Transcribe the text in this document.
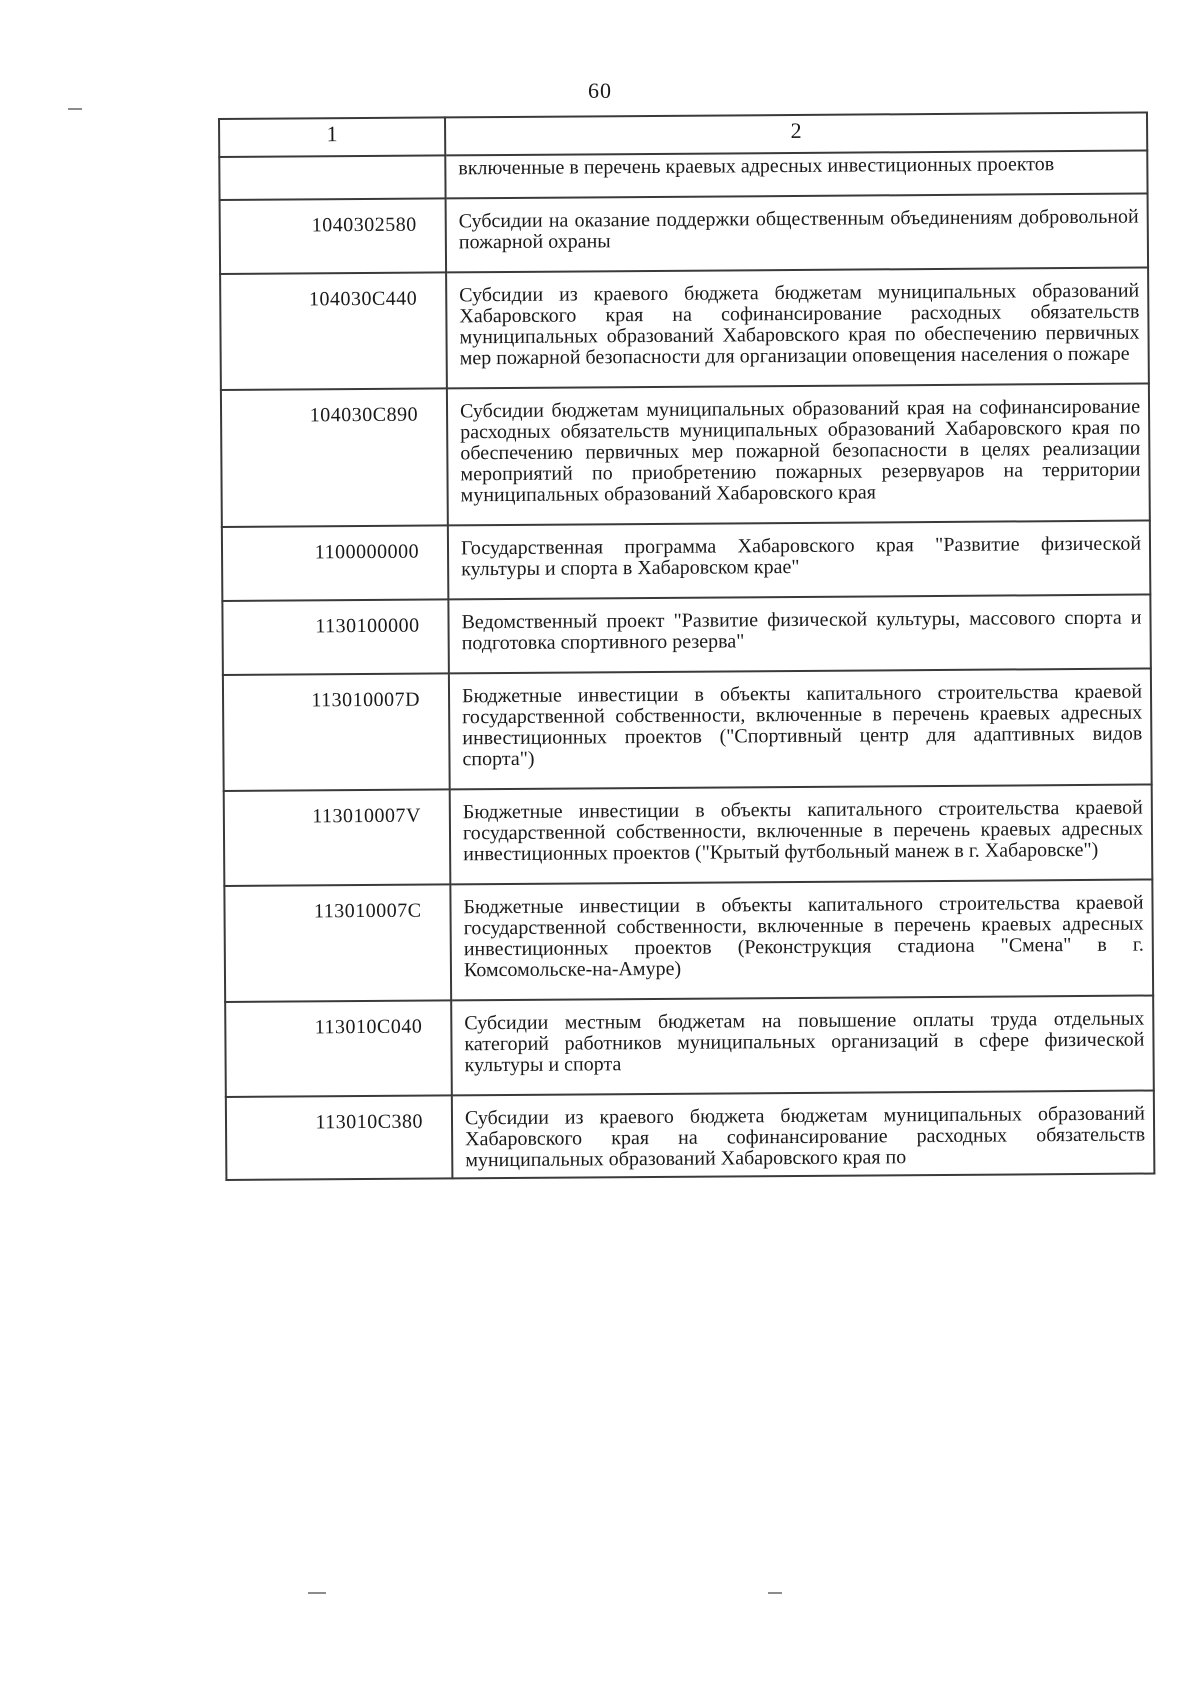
60
1	2
	включенные в перечень краевых адресных инвестиционных проектов
1040302580	Субсидии на оказание поддержки общественным объединениям добровольной пожарной охраны
104030C440	Субсидии из краевого бюджета бюджетам муниципальных образований Хабаровского края на софинансирование расходных обязательств муниципальных образований Хабаровского края по обеспечению первичных мер пожарной безопасности для организации оповещения населения о пожаре
104030C890	Субсидии бюджетам муниципальных образований края на софинансирование расходных обязательств муниципальных образований Хабаровского края по обеспечению первичных мер пожарной безопасности в целях реализации мероприятий по приобретению пожарных резервуаров на территории муниципальных образований Хабаровского края
1100000000	Государственная программа Хабаровского края "Развитие физической культуры и спорта в Хабаровском крае"
1130100000	Ведомственный проект "Развитие физической культуры, массового спорта и подготовка спортивного резерва"
113010007D	Бюджетные инвестиции в объекты капитального строительства краевой государственной собственности, включенные в перечень краевых адресных инвестиционных проектов ("Спортивный центр для адаптивных видов спорта")
113010007V	Бюджетные инвестиции в объекты капитального строительства краевой государственной собственности, включенные в перечень краевых адресных инвестиционных проектов ("Крытый футбольный манеж в г. Хабаровске")
113010007C	Бюджетные инвестиции в объекты капитального строительства краевой государственной собственности, включенные в перечень краевых адресных инвестиционных проектов (Реконструкция стадиона "Смена" в г. Комсомольске-на-Амуре)
113010C040	Субсидии местным бюджетам на повышение оплаты труда отдельных категорий работников муниципальных организаций в сфере физической культуры и спорта
113010C380	Субсидии из краевого бюджета бюджетам муниципальных образований Хабаровского края на софинансирование расходных обязательств муниципальных образований Хабаровского края по
